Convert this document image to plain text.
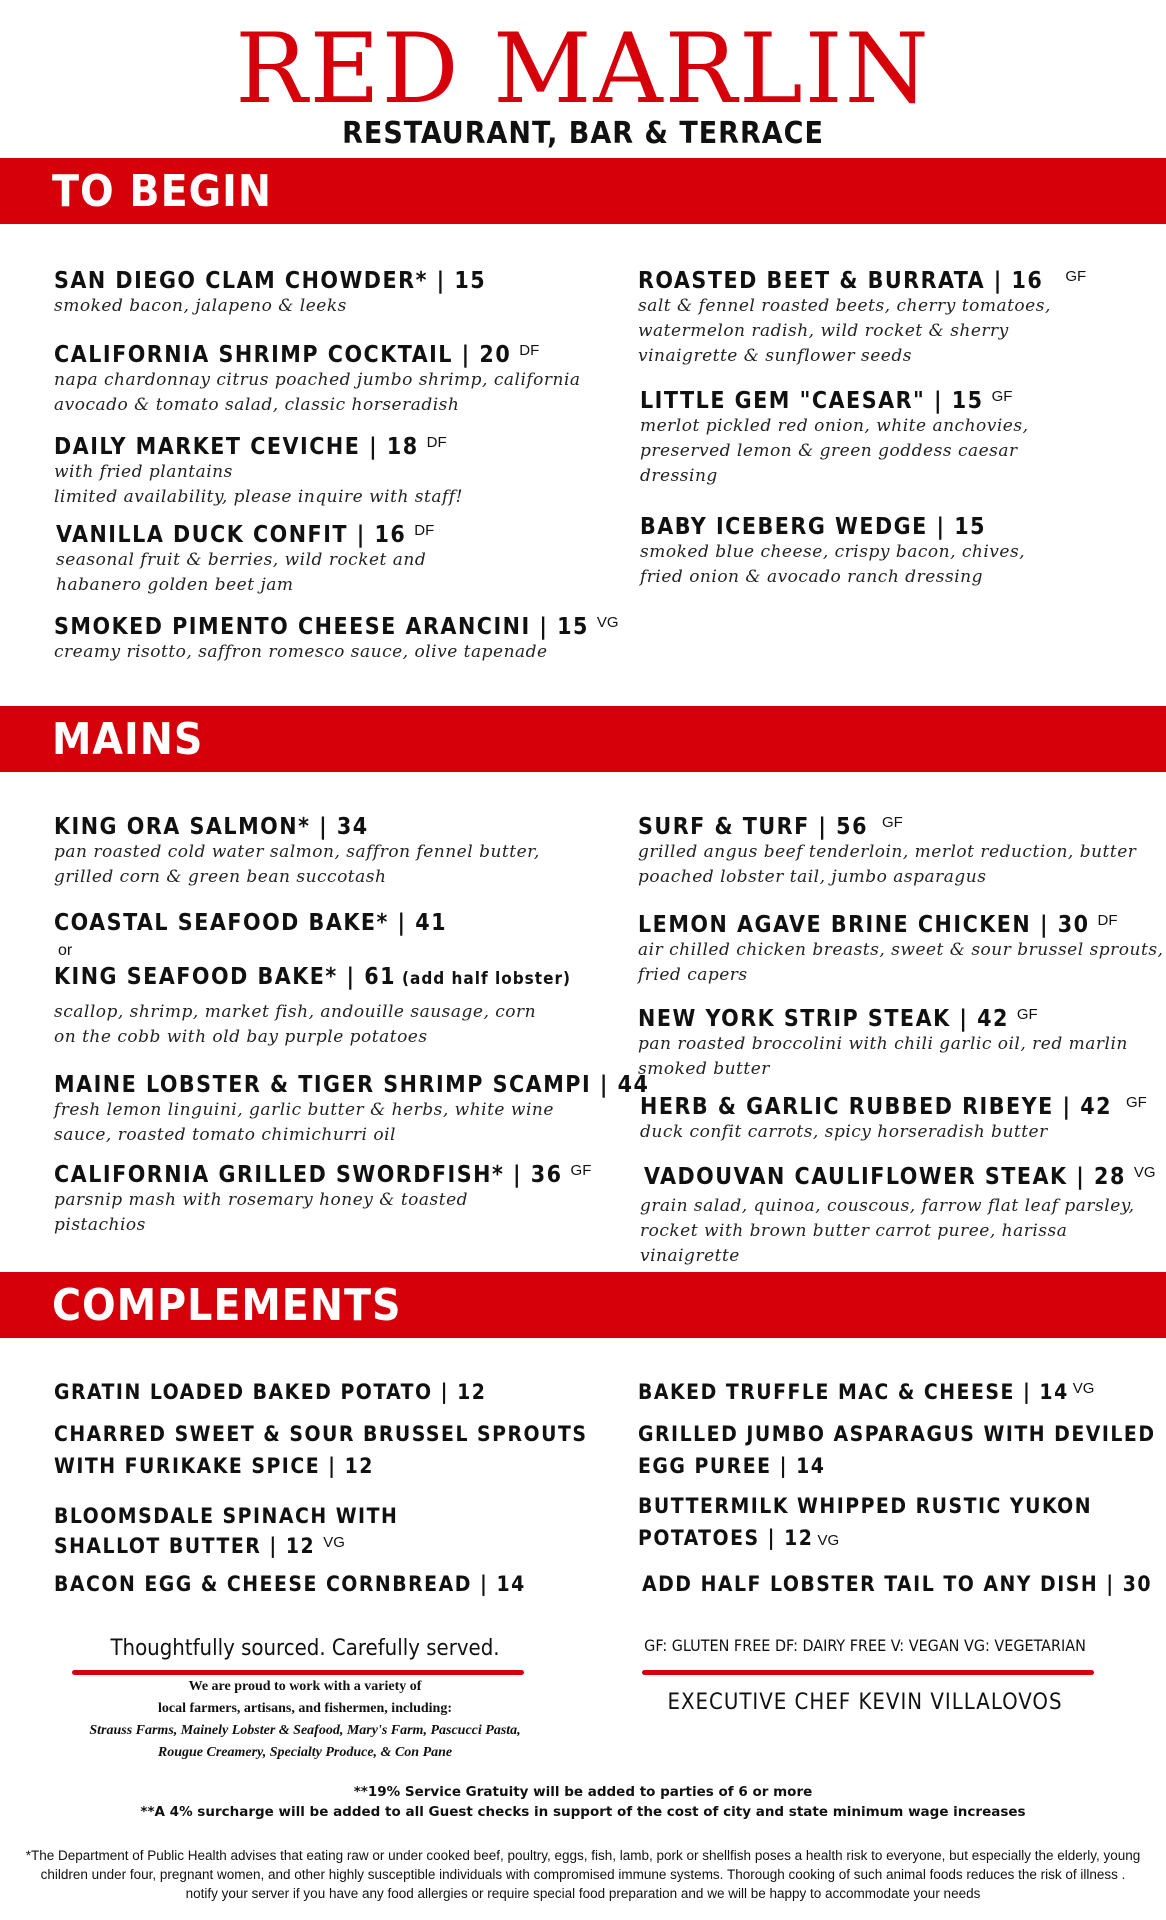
RED MARLIN
RESTAURANT, BAR & TERRACE
TO BEGIN
SAN DIEGO CLAM CHOWDER* | 15
smoked bacon, jalapeno & leeks
CALIFORNIA SHRIMP COCKTAIL | 20 $^{DF}$
napa chardonnay citrus poached jumbo shrimp, california
avocado & tomato salad, classic horseradish
DAILY MARKET CEVICHE | 18 $^{DF}$
with fried plantains
limited availability, please inquire with staff!
VANILLA DUCK CONFIT | 16 $^{DF}$
seasonal fruit & berries, wild rocket and
habanero golden beet jam
SMOKED PIMENTO CHEESE ARANCINI | 15 $^{VG}$
creamy risotto, saffron romesco sauce, olive tapenade
ROASTED BEET & BURRATA | 16 $^{GF}$
salt & fennel roasted beets, cherry tomatoes,
watermelon radish, wild rocket & sherry
vinaigrette & sunflower seeds
LITTLE GEM "CAESAR" | 15 $^{GF}$
merlot pickled red onion, white anchovies,
preserved lemon & green goddess caesar
dressing
BABY ICEBERG WEDGE | 15
smoked blue cheese, crispy bacon, chives,
fried onion & avocado ranch dressing
MAINS
KING ORA SALMON* | 34
pan roasted cold water salmon, saffron fennel butter,
grilled corn & green bean succotash
COASTAL SEAFOOD BAKE* | 41
or
KING SEAFOOD BAKE* | 61 (add half lobster)
scallop, shrimp, market fish, andouille sausage, corn
on the cobb with old bay purple potatoes
MAINE LOBSTER & TIGER SHRIMP SCAMPI | 44
fresh lemon linguini, garlic butter & herbs, white wine
sauce, roasted tomato chimichurri oil
CALIFORNIA GRILLED SWORDFISH* | 36 $^{GF}$
parsnip mash with rosemary honey & toasted
pistachios
SURF & TURF | 56 $^{GF}$
grilled angus beef tenderloin, merlot reduction, butter
poached lobster tail, jumbo asparagus
LEMON AGAVE BRINE CHICKEN | 30 $^{DF}$
air chilled chicken breasts, sweet & sour brussel sprouts,
fried capers
NEW YORK STRIP STEAK | 42 $^{GF}$
pan roasted broccolini with chili garlic oil, red marlin
smoked butter
HERB & GARLIC RUBBED RIBEYE | 42 $^{GF}$
duck confit carrots, spicy horseradish butter
VADOUVAN CAULIFLOWER STEAK | 28 $^{VG}$
grain salad, quinoa, couscous, farrow flat leaf parsley,
rocket with brown butter carrot puree, harissa vinaigrette
COMPLEMENTS
GRATIN LOADED BAKED POTATO | 12
CHARRED SWEET & SOUR BRUSSEL SPROUTS
WITH FURIKAKE SPICE | 12
BLOOMSDALE SPINACH WITH
SHALLOT BUTTER | 12 $^{VG}$
BACON EGG & CHEESE CORNBREAD | 14
BAKED TRUFFLE MAC & CHEESE | 14 $^{VG}$
GRILLED JUMBO ASPARAGUS WITH DEVILED
EGG PUREE | 14
BUTTERMILK WHIPPED RUSTIC YUKON
POTATOES | 12 VG
ADD HALF LOBSTER TAIL TO ANY DISH | 30
Thoughtfully sourced. Carefully served.
We are proud to work with a variety of
local farmers, artisans, and fishermen, including:
Strauss Farms, Mainely Lobster & Seafood, Mary's Farm, Pascucci Pasta,
Rougue Creamery, Specialty Produce, & Con Pane
GF: GLUTEN FREE DF: DAIRY FREE V: VEGAN VG: VEGETARIAN
EXECUTIVE CHEF KEVIN VILLALOVOS
**19% Service Gratuity will be added to parties of 6 or more
**A 4% surcharge will be added to all Guest checks in support of the cost of city and state minimum wage increases
*The Department of Public Health advises that eating raw or under cooked beef, poultry, eggs, fish, lamb, pork or shellfish poses a health risk to everyone, but especially the elderly, young
children under four, pregnant women, and other highly susceptible individuals with compromised immune systems. Thorough cooking of such animal foods reduces the risk of illness .
notify your server if you have any food allergies or require special food preparation and we will be happy to accommodate your needs
